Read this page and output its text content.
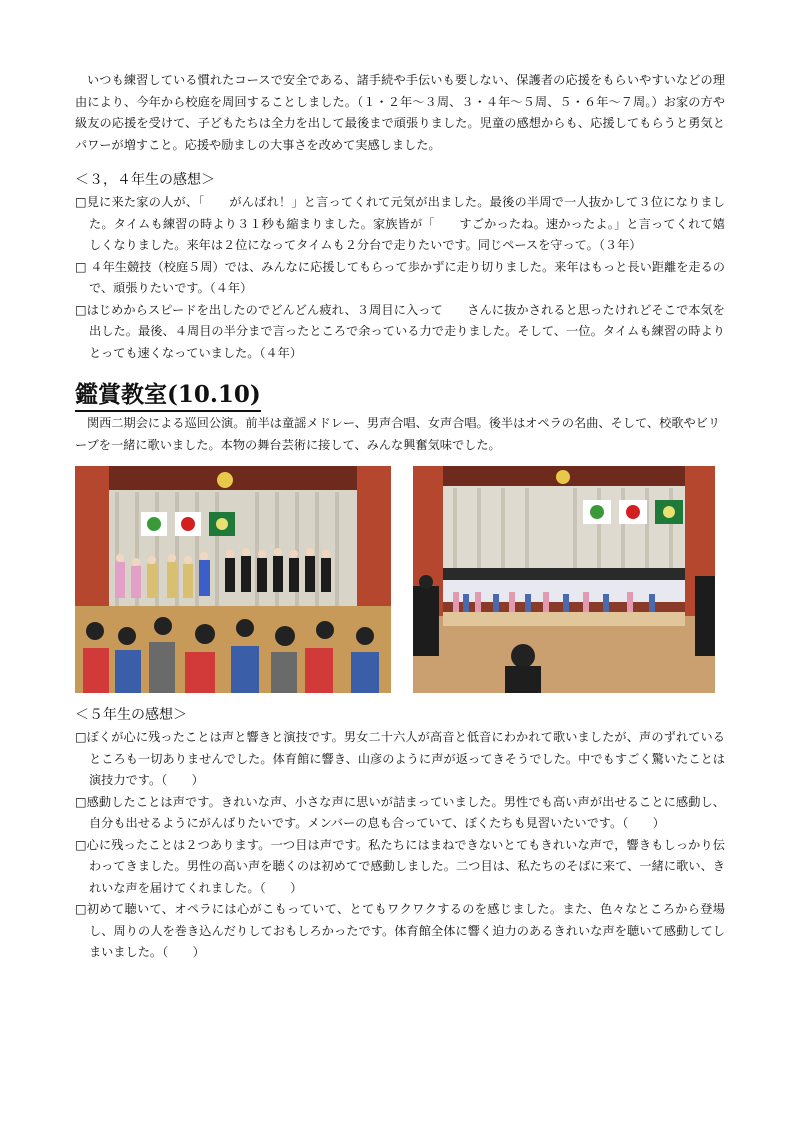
いつも練習している慣れたコースで安全である、諸手続や手伝いも要しない、保護者の応援をもらいやすいなどの理由により、今年から校庭を周回することしました。（１・２年〜３周、３・４年〜５周、５・６年〜７周。）お家の方や級友の応援を受けて、子どもたちは全力を出して最後まで頑張りました。児童の感想からも、応援してもらうと勇気とパワーが増すこと。応援や励ましの大事さを改めて実感しました。

＜３，４年生の感想＞

□見に来た家の人が、「　　がんばれ！」と言ってくれて元気が出ました。最後の半周で一人抜かして３位になりました。タイムも練習の時より３１秒も縮まりました。家族皆が「　　すごかったね。速かったよ。」と言ってくれて嬉しくなりました。来年は２位になってタイムも２分台で走りたいです。同じペースを守って。（３年）

□ ４年生競技（校庭５周）では、みんなに応援してもらって歩かずに走り切りました。来年はもっと長い距離を走るので、頑張りたいです。（４年）

□はじめからスピードを出したのでどんどん疲れ、３周目に入って　　さんに抜かされると思ったけれどそこで本気を出した。最後、４周目の半分まで言ったところで余っている力で走りました。そして、一位。タイムも練習の時よりとっても速くなっていました。（４年）

鑑賞教室(10.10)

関西二期会による巡回公演。前半は童謡メドレー、男声合唱、女声合唱。後半はオペラの名曲、そして、校歌やビリーブを一緒に歌いました。本物の舞台芸術に接して、みんな興奮気味でした。

＜５年生の感想＞

□ぼくが心に残ったことは声と響きと演技です。男女二十六人が高音と低音にわかれて歌いましたが、声のずれているところも一切ありませんでした。体育館に響き、山彦のように声が返ってきそうでした。中でもすごく驚いたことは演技力です。（　　）

□感動したことは声です。きれいな声、小さな声に思いが詰まっていました。男性でも高い声が出せることに感動し、自分も出せるようにがんばりたいです。メンバーの息も合っていて、ぼくたちも見習いたいです。（　　）

□心に残ったことは２つあります。一つ目は声です。私たちにはまねできないとてもきれいな声で，響きもしっかり伝わってきました。男性の高い声を聴くのは初めてで感動しました。二つ目は、私たちのそばに来て、一緒に歌い、きれいな声を届けてくれました。（　　）

□初めて聴いて、オペラには心がこもっていて、とてもワクワクするのを感じました。また、色々なところから登場し、周りの人を巻き込んだりしておもしろかったです。体育館全体に響く迫力のあるきれいな声を聴いて感動してしまいました。（　　）
